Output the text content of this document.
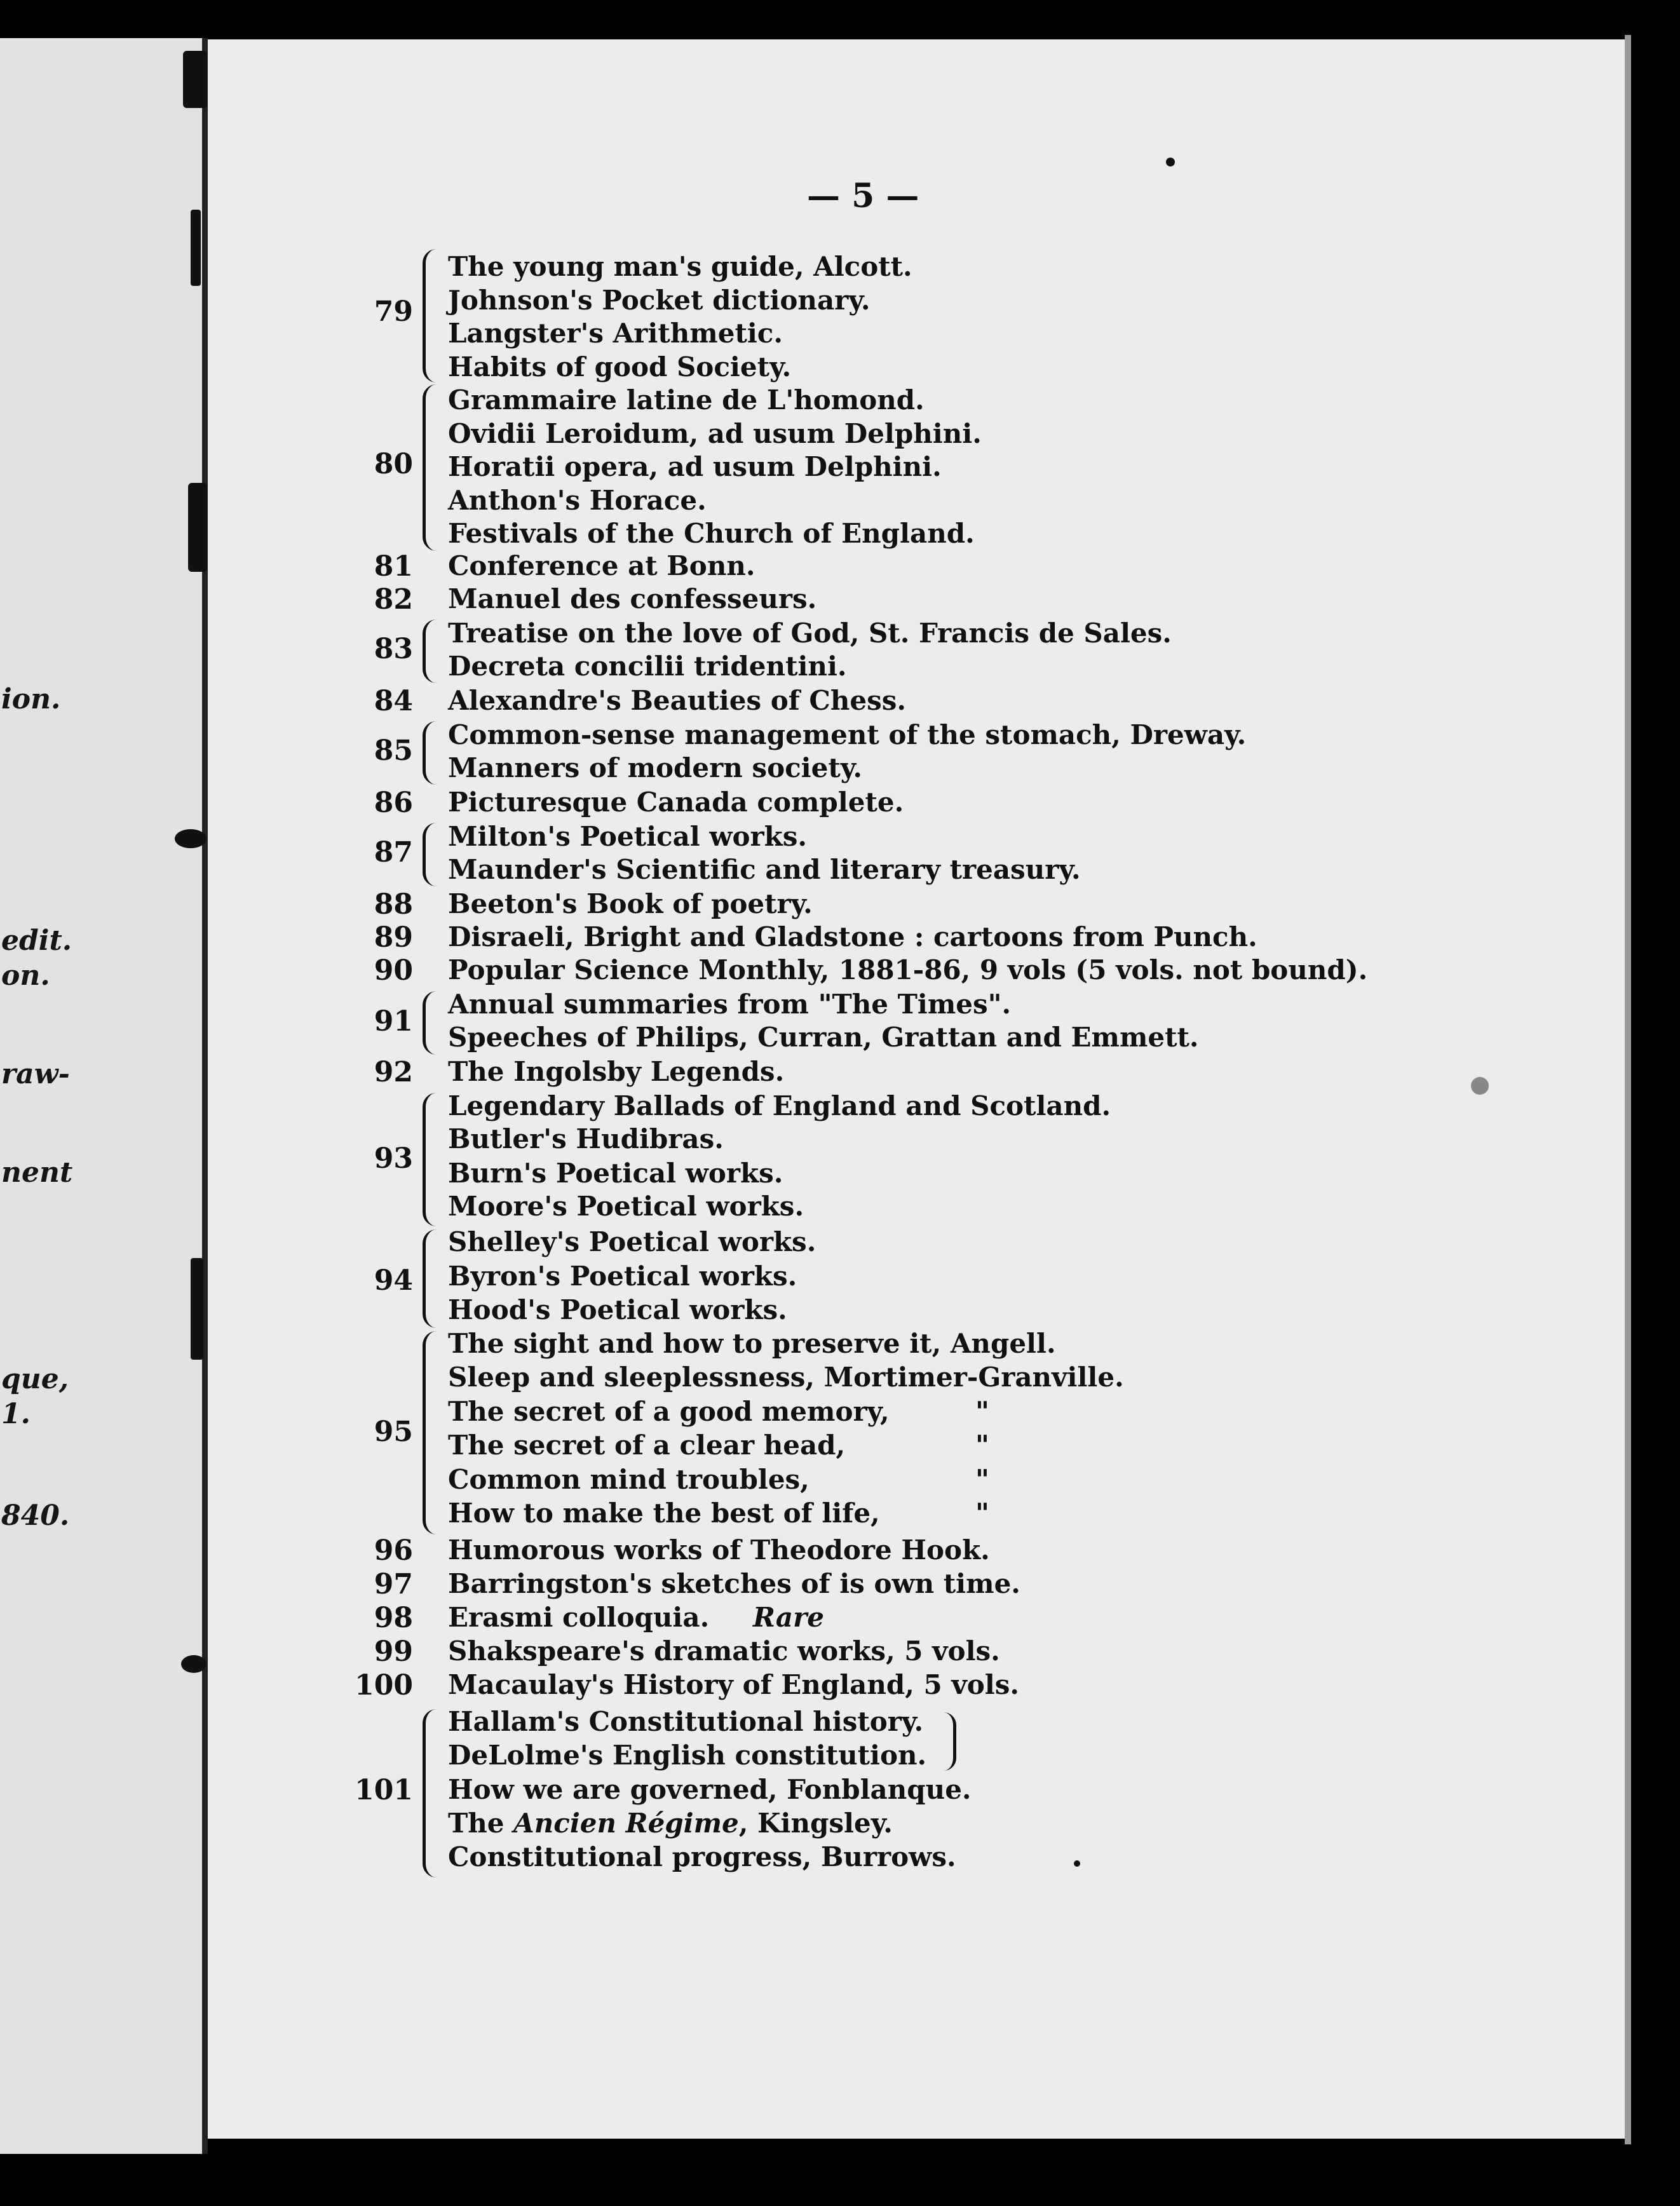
ion.
edit.
on.
raw-
nent
que,
1.
840.
— 5 —
79
The young man's guide, Alcott.
Johnson's Pocket dictionary.
Langster's Arithmetic.
Habits of good Society.
80
Grammaire latine de L'homond.
Ovidii Leroidum, ad usum Delphini.
Horatii opera, ad usum Delphini.
Anthon's Horace.
Festivals of the Church of England.
81 Conference at Bonn.
82 Manuel des confesseurs.
83 Treatise on the love of God, St. Francis de Sales.
Decreta concilii tridentini.
84 Alexandre's Beauties of Chess.
85 Common-sense management of the stomach, Dreway.
Manners of modern society.
86 Picturesque Canada complete.
87 Milton's Poetical works.
Maunder's Scientific and literary treasury.
88 Beeton's Book of poetry.
89 Disraeli, Bright and Gladstone : cartoons from Punch.
90 Popular Science Monthly, 1881-86, 9 vols (5 vols. not bound).
91
Annual summaries from "The Times".
Speeches of Philips, Curran, Grattan and Emmett.
92 The Ingolsby Legends.
93
Legendary Ballads of England and Scotland.
Butler's Hudibras.
Burn's Poetical works.
Moore's Poetical works.
94
Shelley's Poetical works.
Byron's Poetical works.
Hood's Poetical works.
95
The sight and how to preserve it, Angell.
Sleep and sleeplessness, Mortimer-Granville.
The secret of a good memory,
The secret of a clear head,
Common mind troubles,
How to make the best of life,
"
"
"
"
96 Humorous works of Theodore Hook.
97 Barringston's sketches of is own time.
98 Erasmi colloquia. Rare
99 Shakspeare's dramatic works, 5 vols.
100 Macaulay's History of England, 5 vols.
101
Hallam's Constitutional history.
DeLolme's English constitution.
How we are governed, Fonblanque.
The Ancien Régime, Kingsley.
Constitutional progress, Burrows.
